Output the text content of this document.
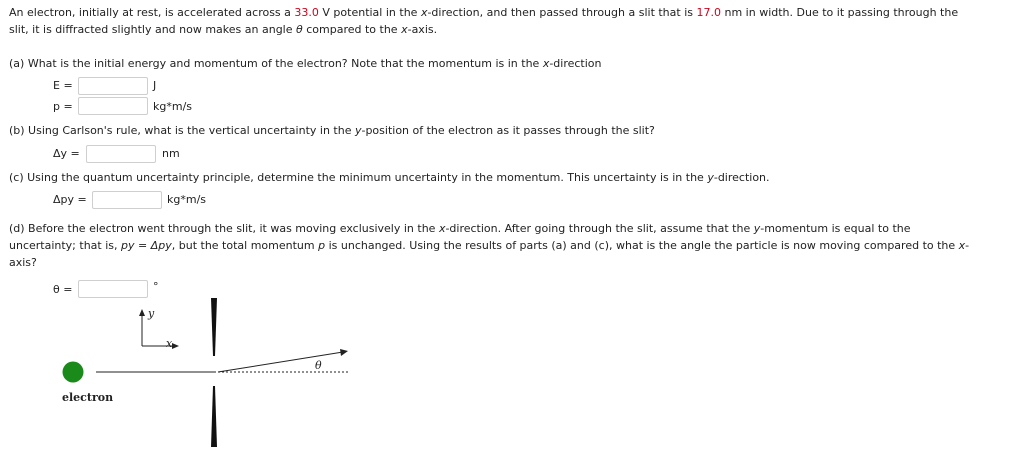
An electron, initially at rest, is accelerated across a 33.0 V potential in the x-direction, and then passed through a slit that is 17.0 nm in width. Due to it passing through the
slit, it is diffracted slightly and now makes an angle θ compared to the x-axis.
(a) What is the initial energy and momentum of the electron? Note that the momentum is in the x-direction
E =	J
p =	kg*m/s
(b) Using Carlson's rule, what is the vertical uncertainty in the y-position of the electron as it passes through the slit?
Δy =	nm
(c) Using the quantum uncertainty principle, determine the minimum uncertainty in the momentum. This uncertainty is in the y-direction.
Δpy =	kg*m/s
(d) Before the electron went through the slit, it was moving exclusively in the x-direction. After going through the slit, assume that the y-momentum is equal to the
uncertainty; that is, py = Δpy, but the total momentum p is unchanged. Using the results of parts (a) and (c), what is the angle the particle is now moving compared to the x-
axis?
θ =	°
y
x
θ
electron
